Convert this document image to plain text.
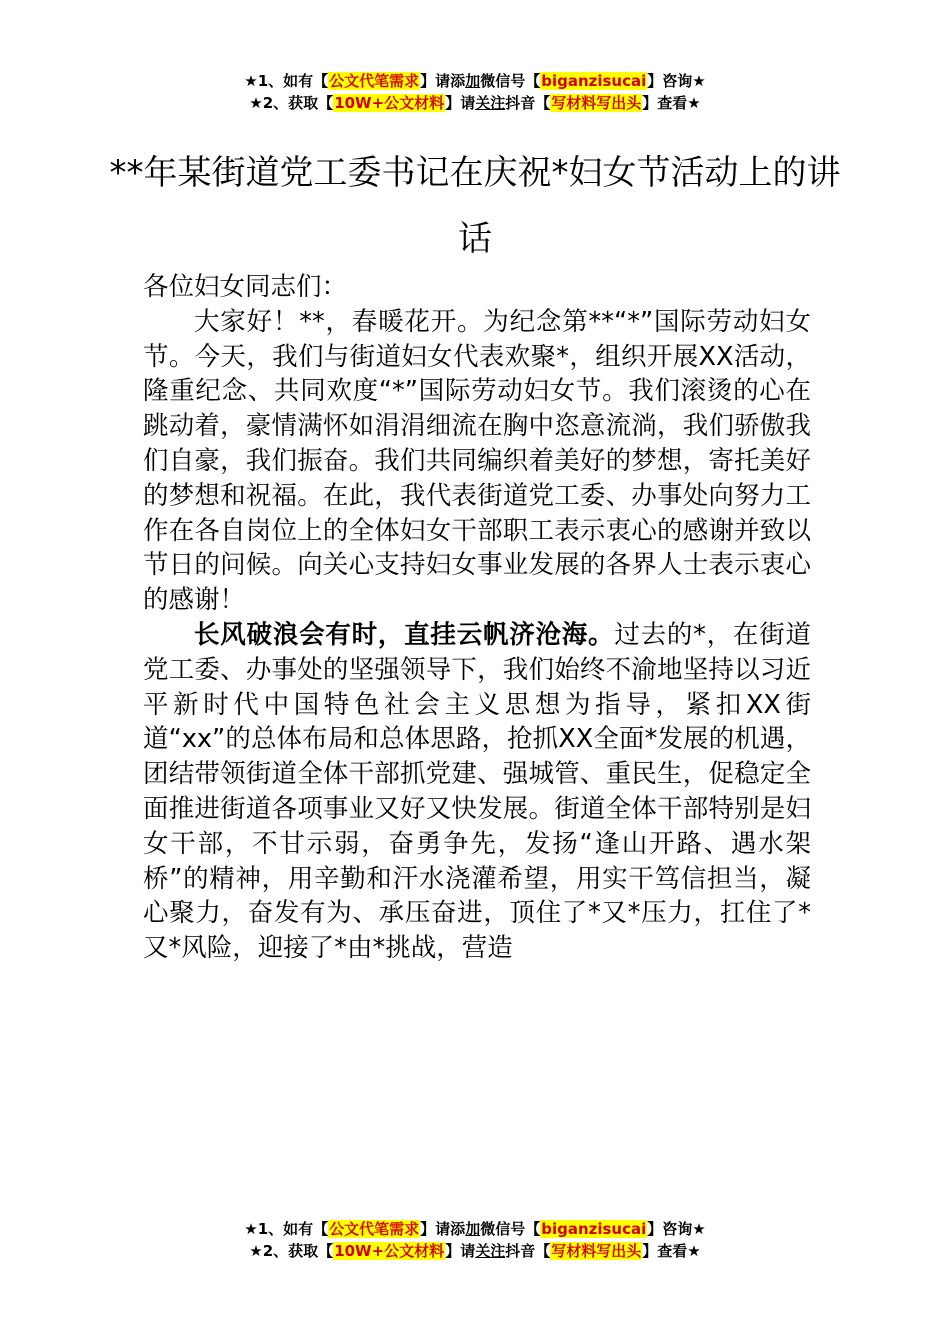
★1、如有【公文代笔需求】请添加微信号【biganzisucai】咨询★
★2、获取【10W+公文材料】请关注抖音【写材料写出头】查看★
**年某街道党工委书记在庆祝*妇女节活动上的讲话

各位妇女同志们：

大家好！**，春暖花开。为纪念第**“*”国际劳动妇女节。今天，我们与街道妇女代表欢聚*，组织开展XX活动，隆重纪念、共同欢度“*”国际劳动妇女节。我们滚烫的心在跳动着，豪情满怀如涓涓细流在胸中恣意流淌，我们骄傲我们自豪，我们振奋。我们共同编织着美好的梦想，寄托美好的梦想和祝福。在此，我代表街道党工委、办事处向努力工作在各自岗位上的全体妇女干部职工表示衷心的感谢并致以节日的问候。向关心支持妇女事业发展的各界人士表示衷心的感谢！

长风破浪会有时，直挂云帆济沧海。过去的*，在街道党工委、办事处的坚强领导下，我们始终不渝地坚持以习近平新时代中国特色社会主义思想为指导，紧扣XX街道“xx”的总体布局和总体思路，抢抓XX全面*发展的机遇，团结带领街道全体干部抓党建、强城管、重民生，促稳定全面推进街道各项事业又好又快发展。街道全体干部特别是妇女干部，不甘示弱，奋勇争先，发扬“逢山开路、遇水架桥”的精神，用辛勤和汗水浇灌希望，用实干笃信担当，凝心聚力，奋发有为、承压奋进，顶住了*又*压力，扛住了*又*风险，迎接了*由*挑战，营造

★1、如有【公文代笔需求】请添加微信号【biganzisucai】咨询★
★2、获取【10W+公文材料】请关注抖音【写材料写出头】查看★
